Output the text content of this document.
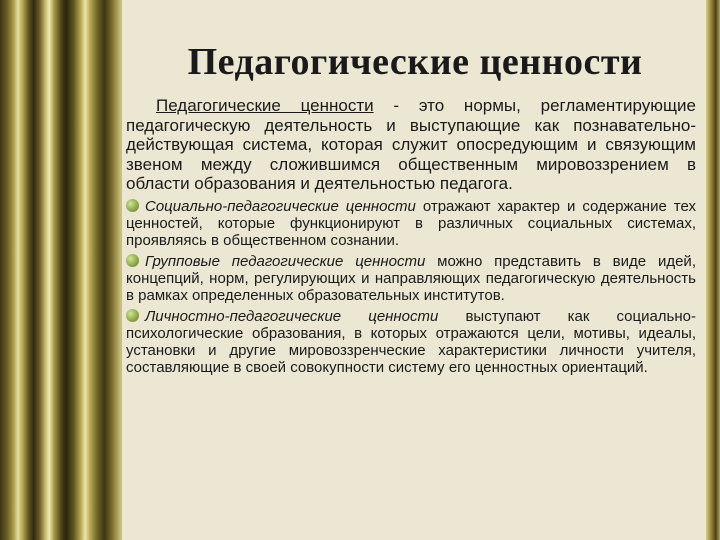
Педагогические ценности

Педагогические ценности - это нормы, регламентирующие педагогическую деятельность и выступающие как познавательно-действующая система, которая служит опосредующим и связующим звеном между сложившимся общественным мировоззрением в области образования и деятельностью педагога.

Социально-педагогические ценности отражают характер и содержание тех ценностей, которые функционируют в различных социальных системах, проявляясь в общественном сознании.

Групповые педагогические ценности можно представить в виде идей, концепций, норм, регулирующих и направляющих педагогическую деятельность в рамках определенных образовательных институтов.

Личностно-педагогические ценности выступают как социально-психологические образования, в которых отражаются цели, мотивы, идеалы, установки и другие мировоззренческие характеристики личности учителя, составляющие в своей совокупности систему его ценностных ориентаций.
